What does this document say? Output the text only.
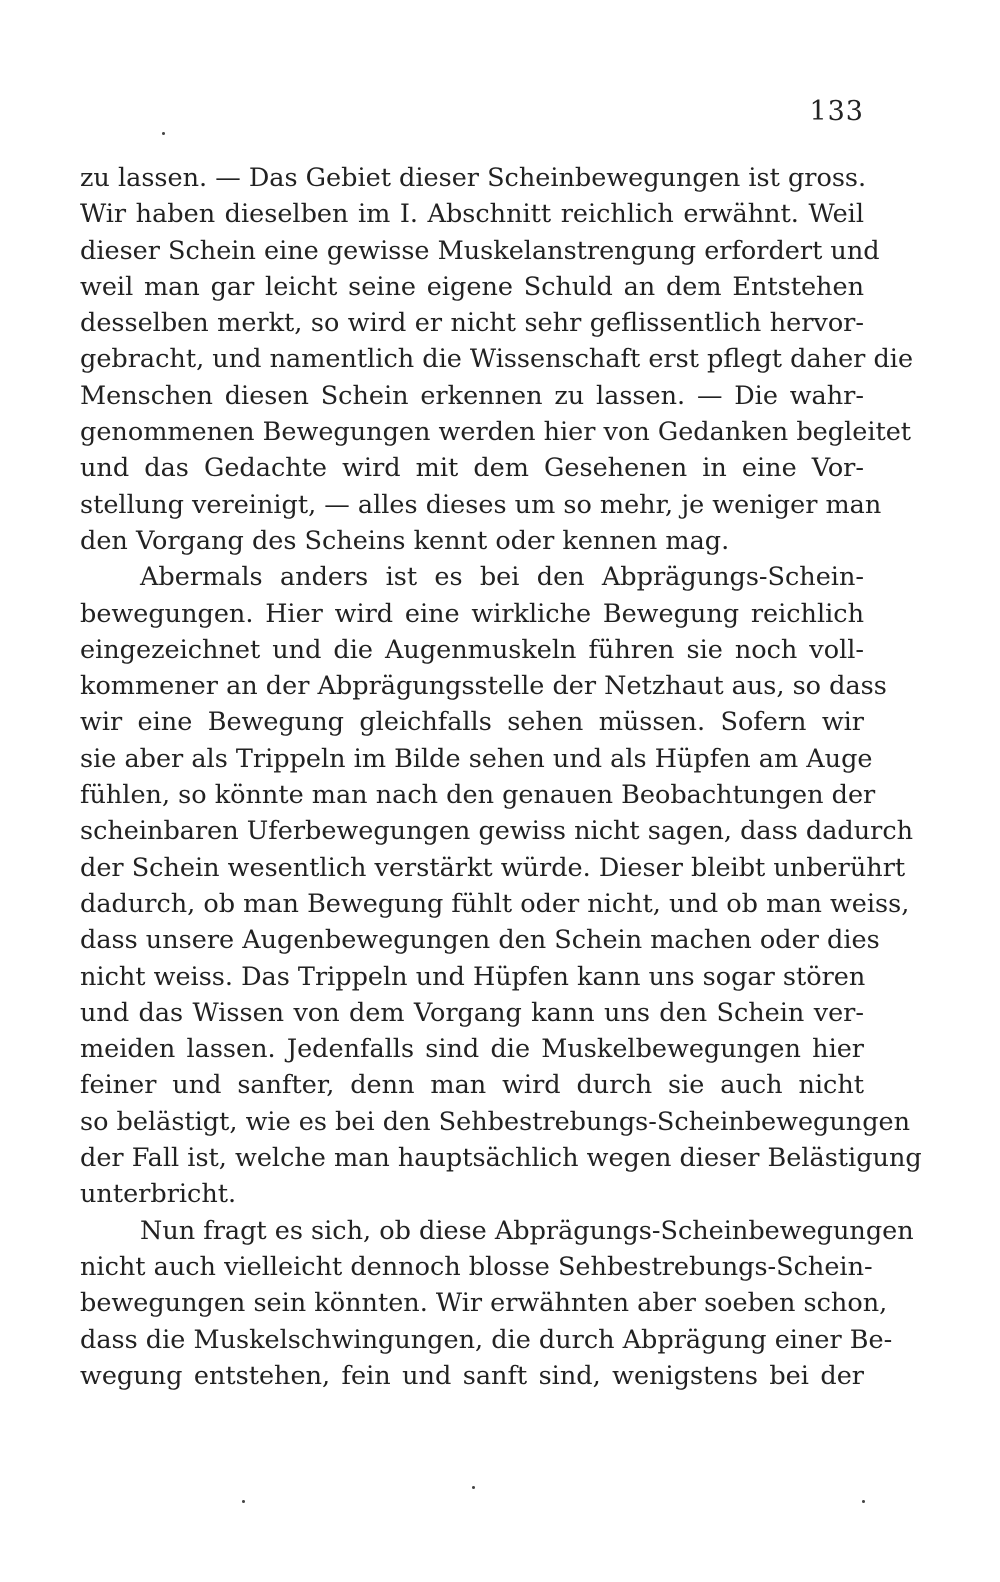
133
zu lassen. — Das Gebiet dieser Scheinbewegungen ist gross.
Wir haben dieselben im I. Abschnitt reichlich erwähnt. Weil
dieser Schein eine gewisse Muskelanstrengung erfordert und
weil man gar leicht seine eigene Schuld an dem Entstehen
desselben merkt, so wird er nicht sehr geflissentlich hervor-
gebracht, und namentlich die Wissenschaft erst pflegt daher die
Menschen diesen Schein erkennen zu lassen. — Die wahr-
genommenen Bewegungen werden hier von Gedanken begleitet
und das Gedachte wird mit dem Gesehenen in eine Vor-
stellung vereinigt, — alles dieses um so mehr, je weniger man
den Vorgang des Scheins kennt oder kennen mag.
Abermals anders ist es bei den Abprägungs-Schein-
bewegungen. Hier wird eine wirkliche Bewegung reichlich
eingezeichnet und die Augenmuskeln führen sie noch voll-
kommener an der Abprägungsstelle der Netzhaut aus, so dass
wir eine Bewegung gleichfalls sehen müssen. Sofern wir
sie aber als Trippeln im Bilde sehen und als Hüpfen am Auge
fühlen, so könnte man nach den genauen Beobachtungen der
scheinbaren Uferbewegungen gewiss nicht sagen, dass dadurch
der Schein wesentlich verstärkt würde. Dieser bleibt unberührt
dadurch, ob man Bewegung fühlt oder nicht, und ob man weiss,
dass unsere Augenbewegungen den Schein machen oder dies
nicht weiss. Das Trippeln und Hüpfen kann uns sogar stören
und das Wissen von dem Vorgang kann uns den Schein ver-
meiden lassen. Jedenfalls sind die Muskelbewegungen hier
feiner und sanfter, denn man wird durch sie auch nicht
so belästigt, wie es bei den Sehbestrebungs-Scheinbewegungen
der Fall ist, welche man hauptsächlich wegen dieser Belästigung
unterbricht.
Nun fragt es sich, ob diese Abprägungs-Scheinbewegungen
nicht auch vielleicht dennoch blosse Sehbestrebungs-Schein-
bewegungen sein könnten. Wir erwähnten aber soeben schon,
dass die Muskelschwingungen, die durch Abprägung einer Be-
wegung entstehen, fein und sanft sind, wenigstens bei der
